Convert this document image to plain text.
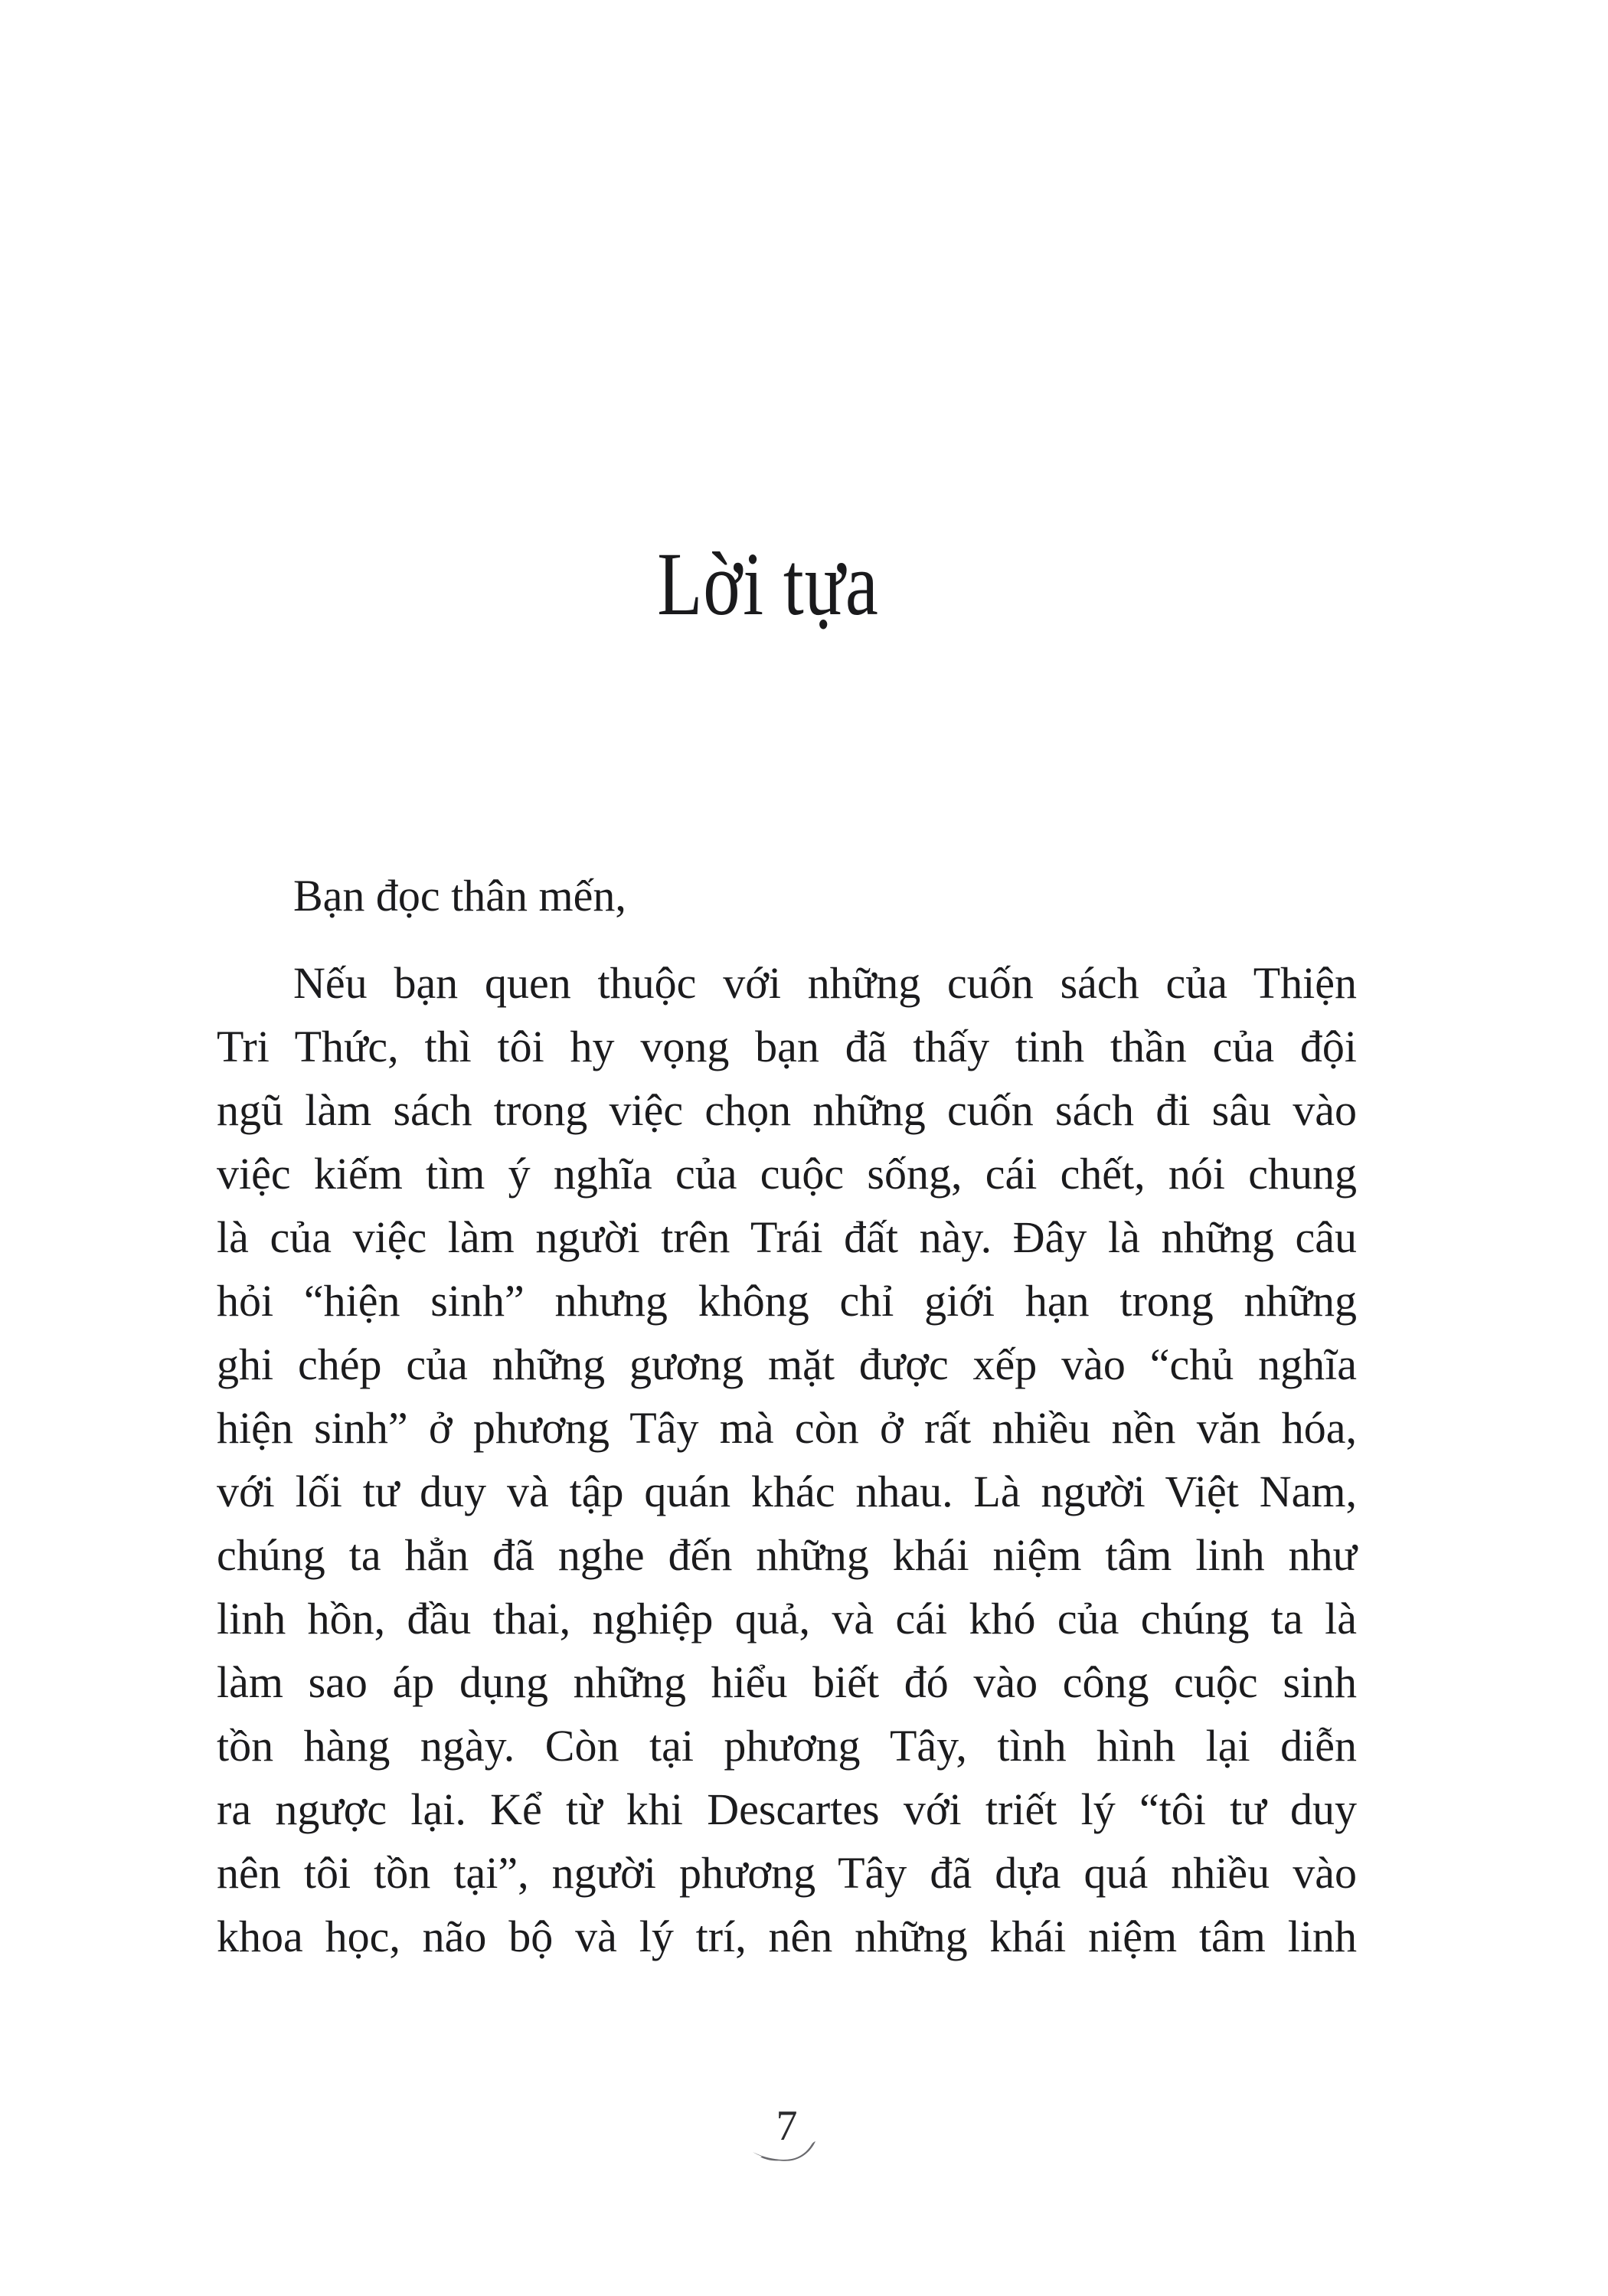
Lời tựa
Bạn đọc thân mến,
Nếu bạn quen thuộc với những cuốn sách của Thiện
Tri Thức, thì tôi hy vọng bạn đã thấy tinh thần của đội
ngũ làm sách trong việc chọn những cuốn sách đi sâu vào
việc kiếm tìm ý nghĩa của cuộc sống, cái chết, nói chung
là của việc làm người trên Trái đất này. Đây là những câu
hỏi “hiện sinh” nhưng không chỉ giới hạn trong những
ghi chép của những gương mặt được xếp vào “chủ nghĩa
hiện sinh” ở phương Tây mà còn ở rất nhiều nền văn hóa,
với lối tư duy và tập quán khác nhau. Là người Việt Nam,
chúng ta hẳn đã nghe đến những khái niệm tâm linh như
linh hồn, đầu thai, nghiệp quả, và cái khó của chúng ta là
làm sao áp dụng những hiểu biết đó vào công cuộc sinh
tồn hàng ngày. Còn tại phương Tây, tình hình lại diễn
ra ngược lại. Kể từ khi Descartes với triết lý “tôi tư duy
nên tôi tồn tại”, người phương Tây đã dựa quá nhiều vào
khoa học, não bộ và lý trí, nên những khái niệm tâm linh
7
